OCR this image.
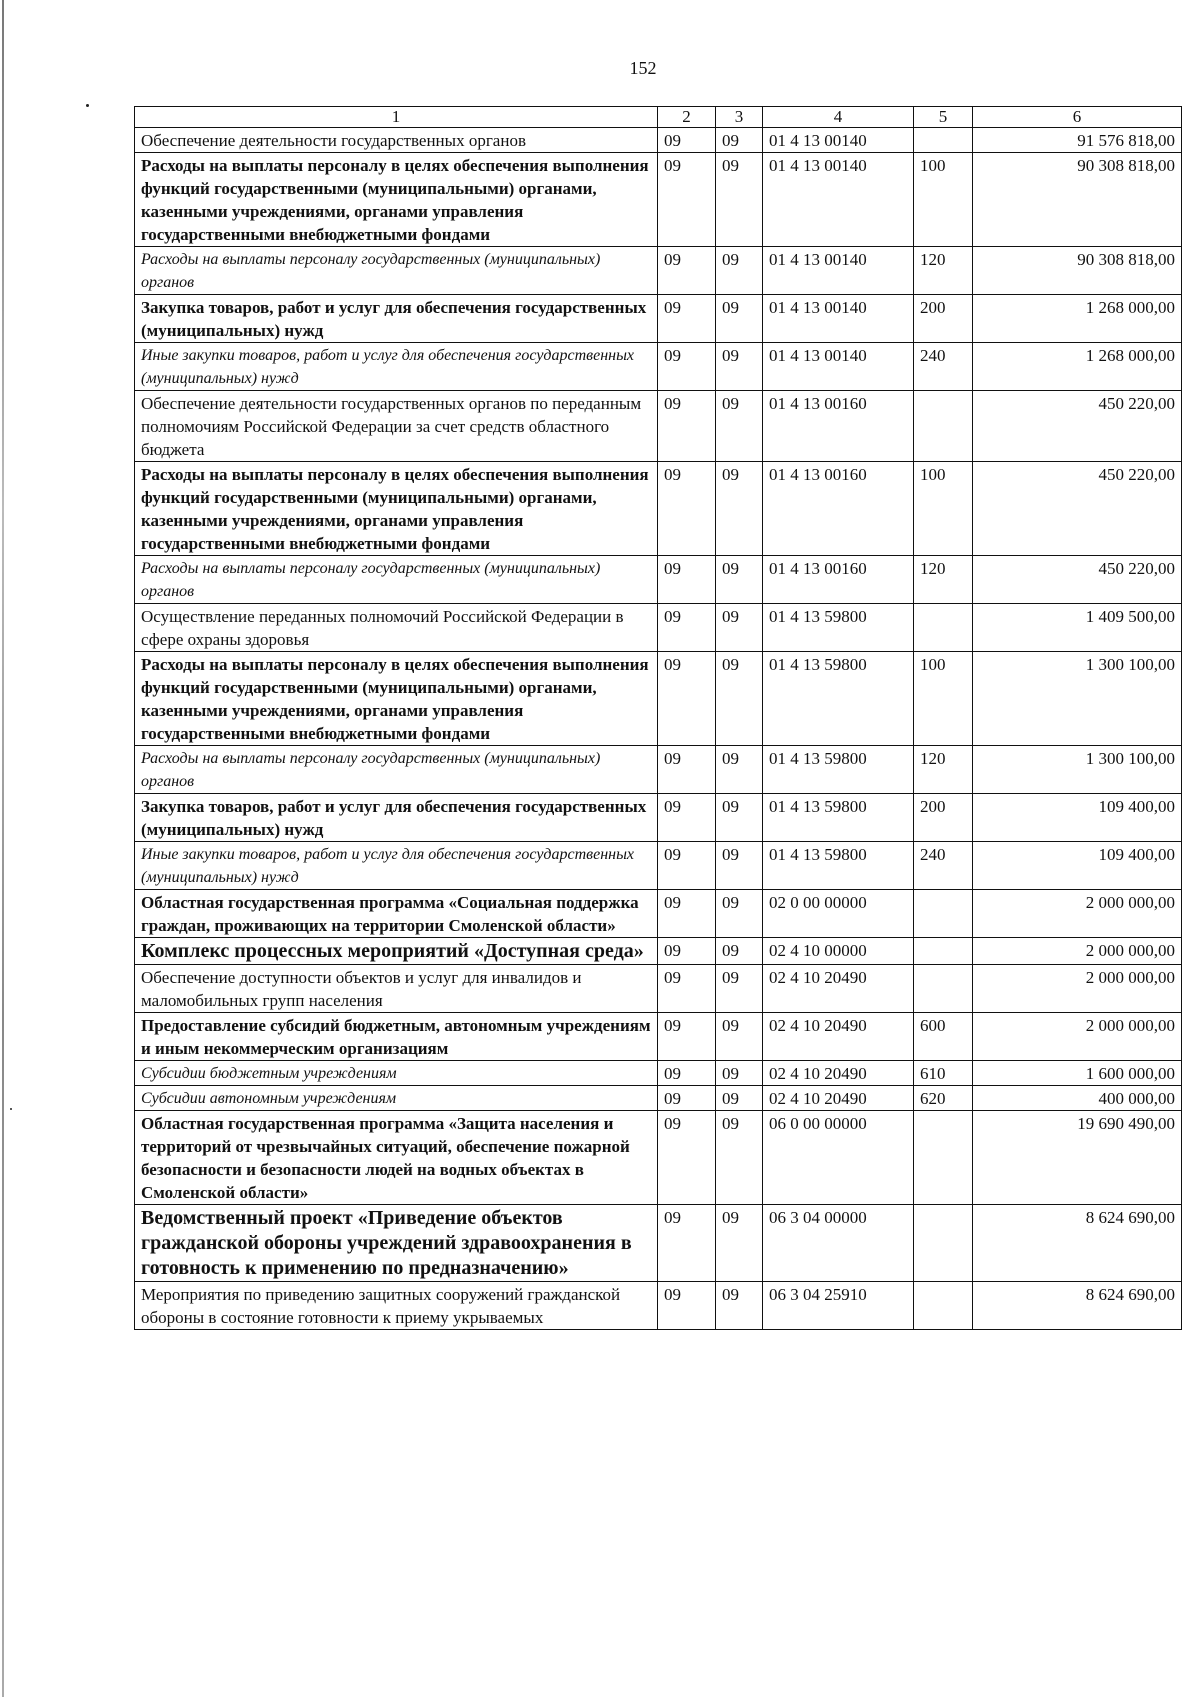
152
1	2	3	4	5	6
Обеспечение деятельности государственных органов	09	09	01 4 13 00140		91 576 818,00
Расходы на выплаты персоналу в целях обеспечения выполнения функций государственными (муниципальными) органами, казенными учреждениями, органами управления государственными внебюджетными фондами	09	09	01 4 13 00140	100	90 308 818,00
Расходы на выплаты персоналу государственных (муниципальных) органов	09	09	01 4 13 00140	120	90 308 818,00
Закупка товаров, работ и услуг для обеспечения государственных (муниципальных) нужд	09	09	01 4 13 00140	200	1 268 000,00
Иные закупки товаров, работ и услуг для обеспечения государственных (муниципальных) нужд	09	09	01 4 13 00140	240	1 268 000,00
Обеспечение деятельности государственных органов по переданным полномочиям Российской Федерации за счет средств областного бюджета	09	09	01 4 13 00160		450 220,00
Расходы на выплаты персоналу в целях обеспечения выполнения функций государственными (муниципальными) органами, казенными учреждениями, органами управления государственными внебюджетными фондами	09	09	01 4 13 00160	100	450 220,00
Расходы на выплаты персоналу государственных (муниципальных) органов	09	09	01 4 13 00160	120	450 220,00
Осуществление переданных полномочий Российской Федерации в сфере охраны здоровья	09	09	01 4 13 59800		1 409 500,00
Расходы на выплаты персоналу в целях обеспечения выполнения функций государственными (муниципальными) органами, казенными учреждениями, органами управления государственными внебюджетными фондами	09	09	01 4 13 59800	100	1 300 100,00
Расходы на выплаты персоналу государственных (муниципальных) органов	09	09	01 4 13 59800	120	1 300 100,00
Закупка товаров, работ и услуг для обеспечения государственных (муниципальных) нужд	09	09	01 4 13 59800	200	109 400,00
Иные закупки товаров, работ и услуг для обеспечения государственных (муниципальных) нужд	09	09	01 4 13 59800	240	109 400,00
Областная государственная программа «Социальная поддержка граждан, проживающих на территории Смоленской области»	09	09	02 0 00 00000		2 000 000,00
Комплекс процессных мероприятий «Доступная среда»	09	09	02 4 10 00000		2 000 000,00
Обеспечение доступности объектов и услуг для инвалидов и маломобильных групп населения	09	09	02 4 10 20490		2 000 000,00
Предоставление субсидий бюджетным, автономным учреждениям и иным некоммерческим организациям	09	09	02 4 10 20490	600	2 000 000,00
Субсидии бюджетным учреждениям	09	09	02 4 10 20490	610	1 600 000,00
Субсидии автономным учреждениям	09	09	02 4 10 20490	620	400 000,00
Областная государственная программа «Защита населения и территорий от чрезвычайных ситуаций, обеспечение пожарной безопасности и безопасности людей на водных объектах в Смоленской области»	09	09	06 0 00 00000		19 690 490,00
Ведомственный проект «Приведение объектов гражданской обороны учреждений здравоохранения в готовность к применению по предназначению»	09	09	06 3 04 00000		8 624 690,00
Мероприятия по приведению защитных сооружений гражданской обороны в состояние готовности к приему укрываемых	09	09	06 3 04 25910		8 624 690,00
